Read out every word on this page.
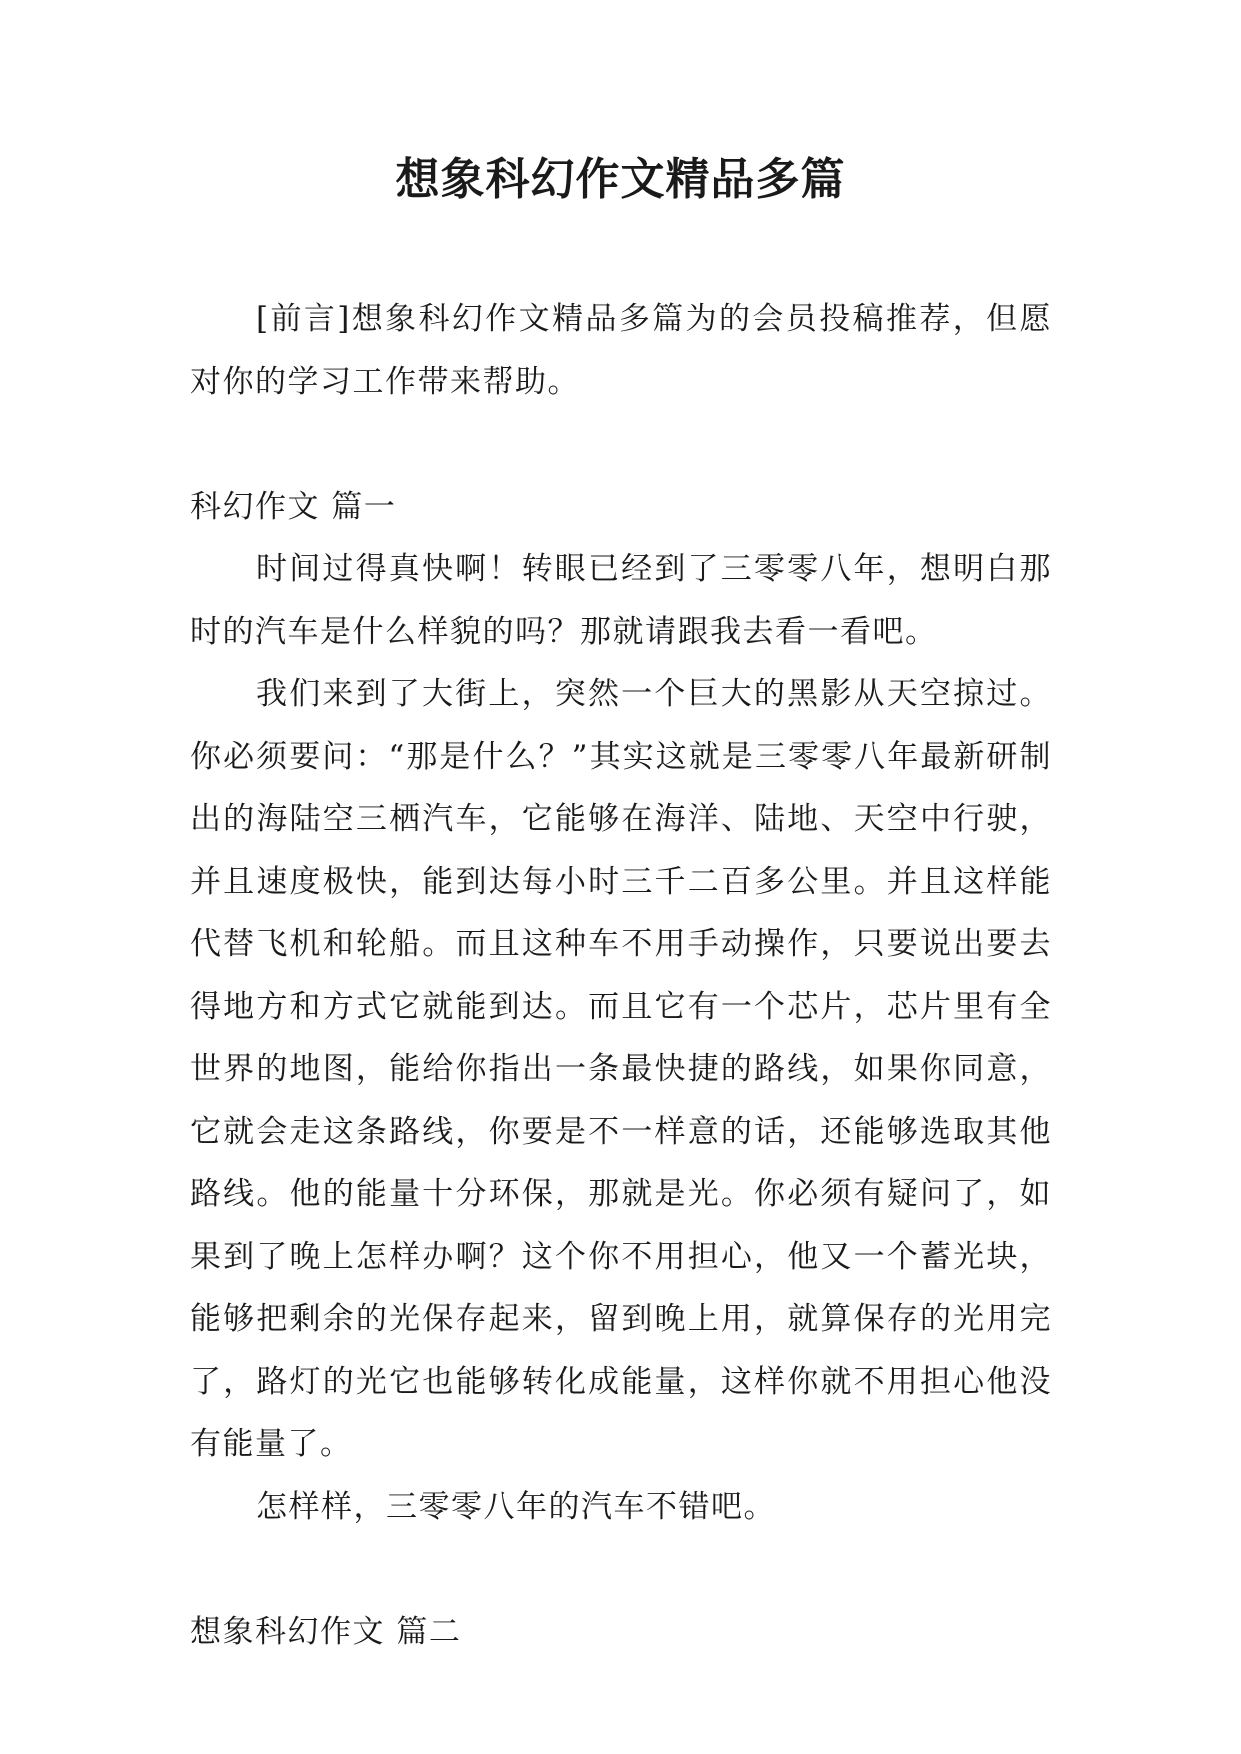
想象科幻作文精品多篇

[前言]想象科幻作文精品多篇为的会员投稿推荐，但愿对你的学习工作带来帮助。

科幻作文 篇一

时间过得真快啊！转眼已经到了三零零八年，想明白那时的汽车是什么样貌的吗？那就请跟我去看一看吧。

我们来到了大街上，突然一个巨大的黑影从天空掠过。你必须要问：“那是什么？”其实这就是三零零八年最新研制出的海陆空三栖汽车，它能够在海洋、陆地、天空中行驶，并且速度极快，能到达每小时三千二百多公里。并且这样能代替飞机和轮船。而且这种车不用手动操作，只要说出要去得地方和方式它就能到达。而且它有一个芯片，芯片里有全世界的地图，能给你指出一条最快捷的路线，如果你同意，它就会走这条路线，你要是不一样意的话，还能够选取其他路线。他的能量十分环保，那就是光。你必须有疑问了，如果到了晚上怎样办啊？这个你不用担心，他又一个蓄光块，能够把剩余的光保存起来，留到晚上用，就算保存的光用完了，路灯的光它也能够转化成能量，这样你就不用担心他没有能量了。

怎样样，三零零八年的汽车不错吧。

想象科幻作文 篇二
